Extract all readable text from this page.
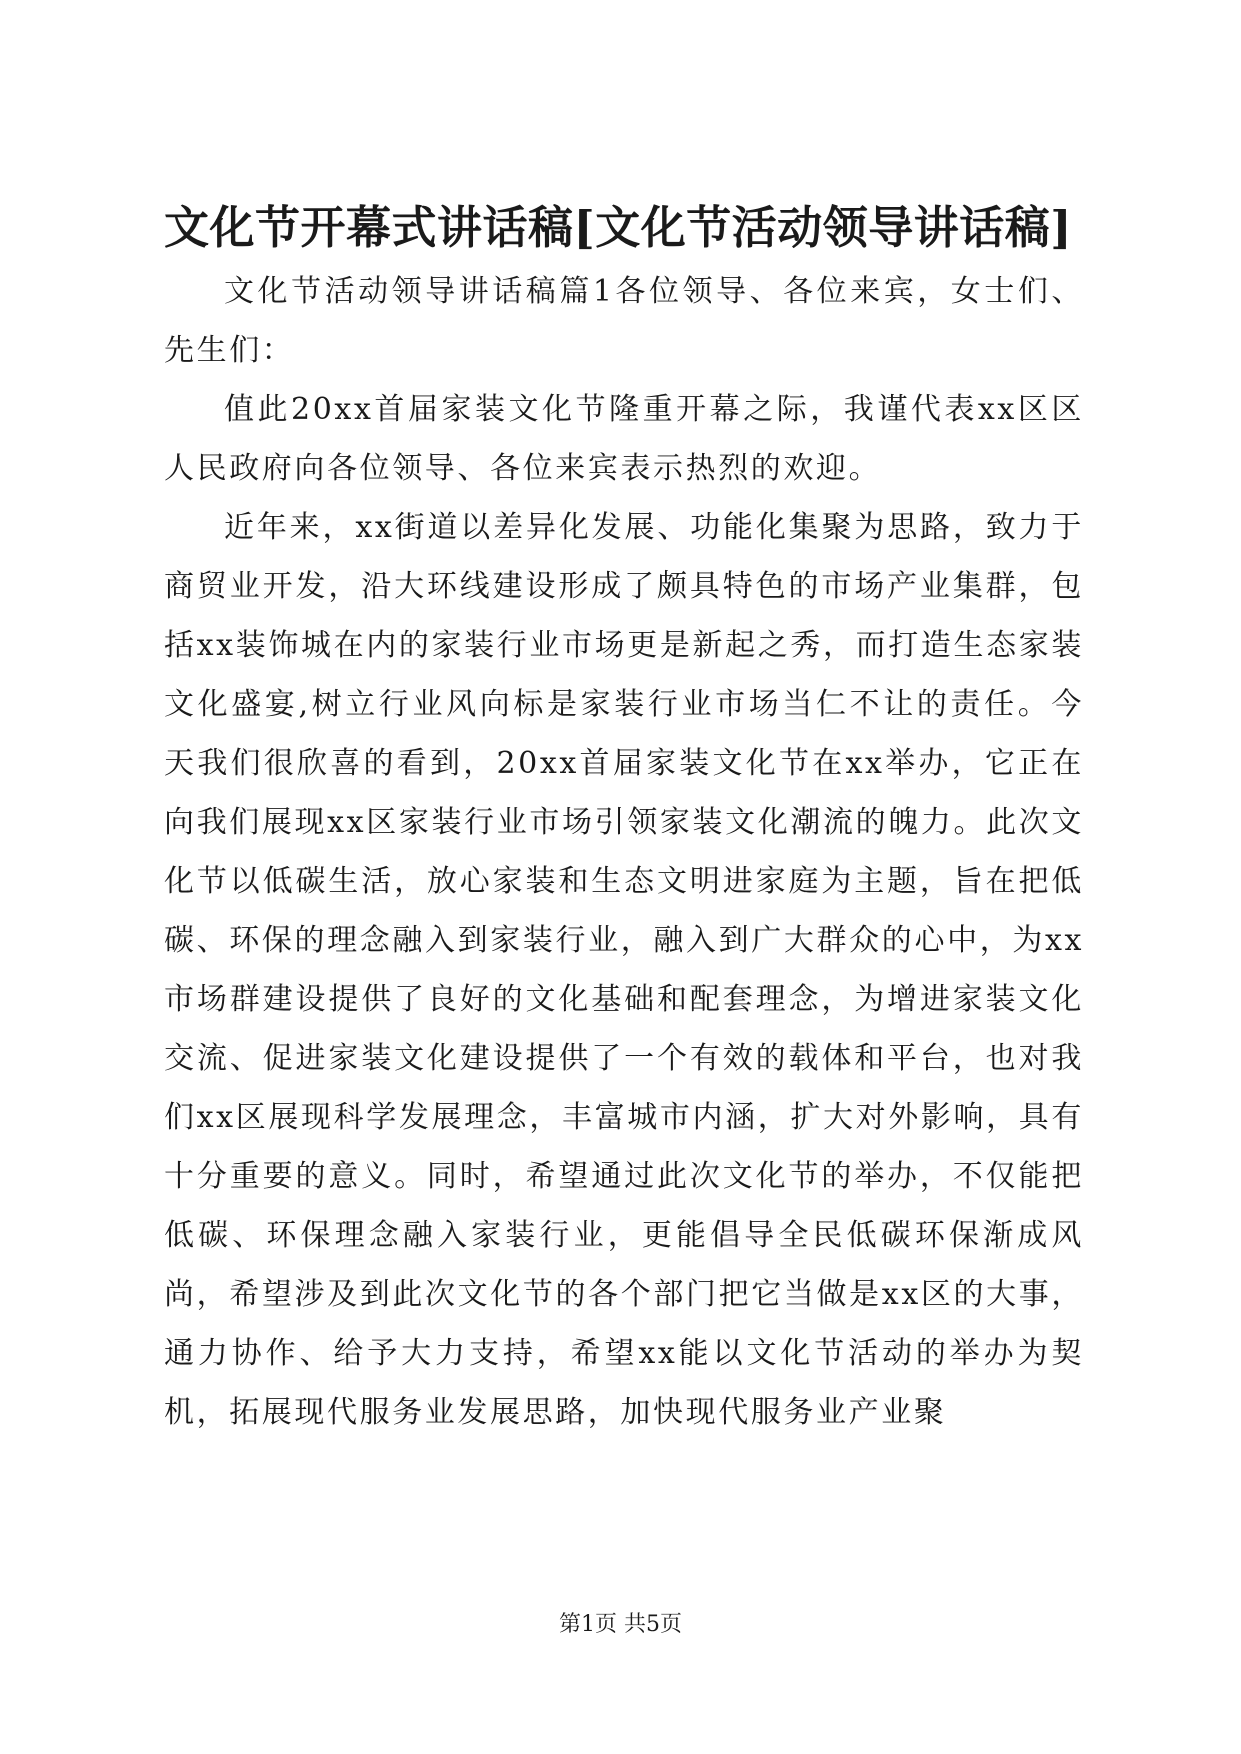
文化节开幕式讲话稿[文化节活动领导讲话稿]

文化节活动领导讲话稿篇1各位领导、各位来宾，女士们、先生们：

值此20xx首届家装文化节隆重开幕之际，我谨代表xx区区人民政府向各位领导、各位来宾表示热烈的欢迎。

近年来，xx街道以差异化发展、功能化集聚为思路，致力于商贸业开发，沿大环线建设形成了颇具特色的市场产业集群，包括xx装饰城在内的家装行业市场更是新起之秀，而打造生态家装文化盛宴,树立行业风向标是家装行业市场当仁不让的责任。今天我们很欣喜的看到，20xx首届家装文化节在xx举办，它正在向我们展现xx区家装行业市场引领家装文化潮流的魄力。此次文化节以低碳生活，放心家装和生态文明进家庭为主题，旨在把低碳、环保的理念融入到家装行业，融入到广大群众的心中，为xx市场群建设提供了良好的文化基础和配套理念，为增进家装文化交流、促进家装文化建设提供了一个有效的载体和平台，也对我们xx区展现科学发展理念，丰富城市内涵，扩大对外影响，具有十分重要的意义。同时，希望通过此次文化节的举办，不仅能把低碳、环保理念融入家装行业，更能倡导全民低碳环保渐成风尚，希望涉及到此次文化节的各个部门把它当做是xx区的大事，通力协作、给予大力支持，希望xx能以文化节活动的举办为契机，拓展现代服务业发展思路，加快现代服务业产业聚

第1页 共5页
